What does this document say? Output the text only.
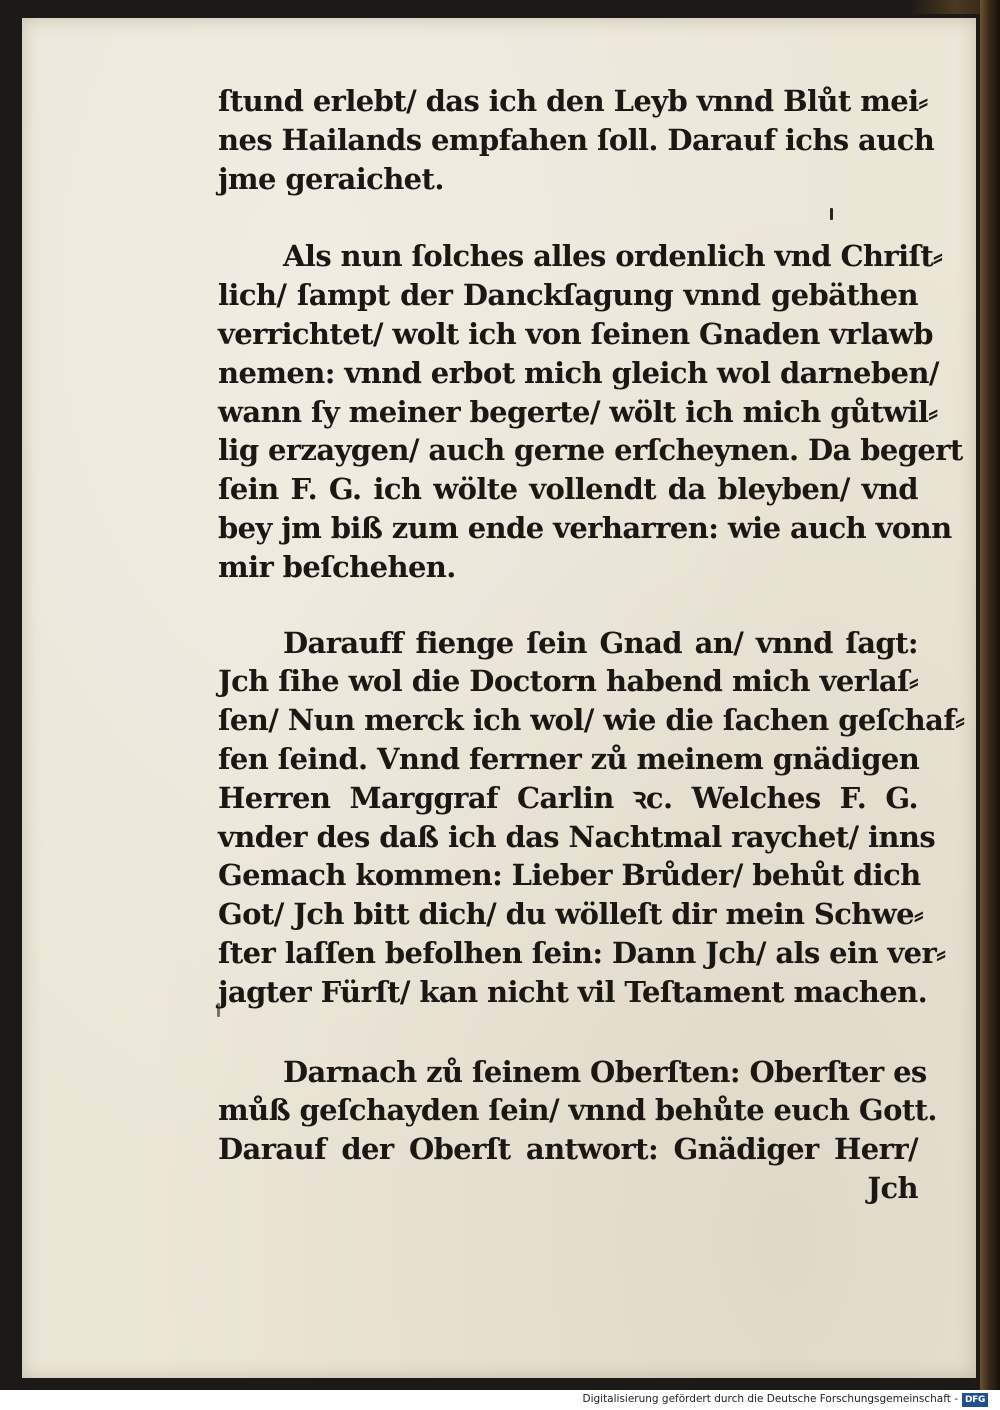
ſtund erlebt/ das ich den Leyb vnnd Blůt mei⸗
nes Hailands empfahen ſoll. Darauf ichs auch
jme geraichet.
Als nun ſolches alles ordenlich vnd Chriſt⸗
lich/ ſampt der Danckſagung vnnd gebäthen
verrichtet/ wolt ich von ſeinen Gnaden vrlawb
nemen: vnnd erbot mich gleich wol darneben/
wann ſy meiner begerte/ wölt ich mich gůtwil⸗
lig erzaygen/ auch gerne erſcheynen. Da begert
ſein F. G. ich wölte vollendt da bleyben/ vnd
bey jm biß zum ende verharren: wie auch vonn
mir beſchehen.
Darauff fienge ſein Gnad an/ vnnd ſagt:
Jch ſihe wol die Doctorn habend mich verlaſ⸗
ſen/ Nun merck ich wol/ wie die ſachen geſchaf⸗
fen ſeind. Vnnd ferrner zů meinem gnädigen
Herren Marggraf Carlin ꝛc. Welches F. G.
vnder des daß ich das Nachtmal raychet/ inns
Gemach kommen: Lieber Brůder/ behůt dich
Got/ Jch bitt dich/ du wölleſt dir mein Schwe⸗
ſter laſſen befolhen ſein: Dann Jch/ als ein ver⸗
jagter Fürſt/ kan nicht vil Teſtament machen.
Darnach zů ſeinem Oberſten: Oberſter es
můß geſchayden ſein/ vnnd behůte euch Gott.
Darauf der Oberſt antwort: Gnädiger Herr/
Jch
Digitalisierung gefördert durch die Deutsche Forschungsgemeinschaft - DFG
